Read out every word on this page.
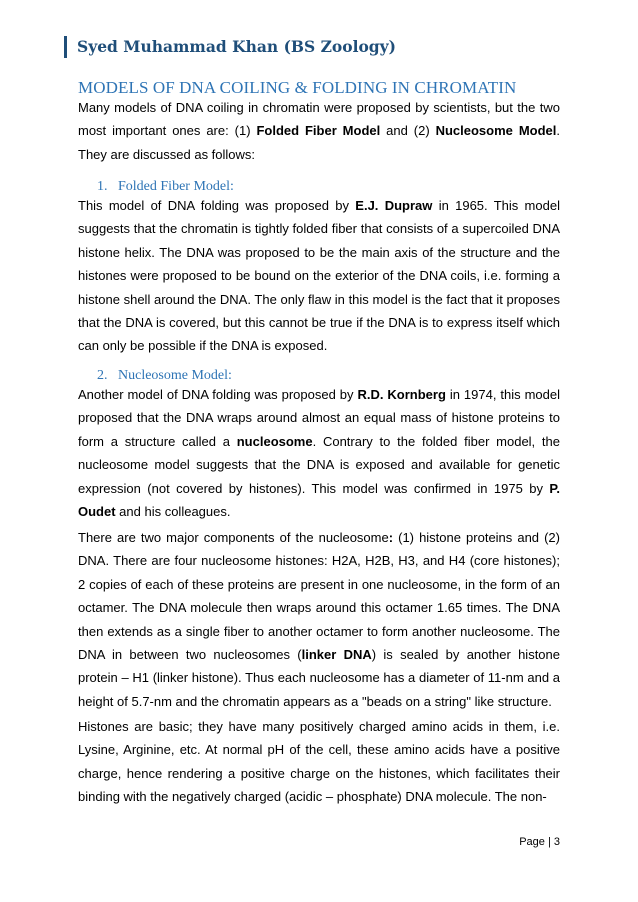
Syed Muhammad Khan (BS Zoology)
MODELS OF DNA COILING & FOLDING IN CHROMATIN

Many models of DNA coiling in chromatin were proposed by scientists, but the two most important ones are: (1) Folded Fiber Model and (2) Nucleosome Model. They are discussed as follows:

1.   Folded Fiber Model:

This model of DNA folding was proposed by E.J. Dupraw in 1965. This model suggests that the chromatin is tightly folded fiber that consists of a supercoiled DNA histone helix. The DNA was proposed to be the main axis of the structure and the histones were proposed to be bound on the exterior of the DNA coils, i.e. forming a histone shell around the DNA. The only flaw in this model is the fact that it proposes that the DNA is covered, but this cannot be true if the DNA is to express itself which can only be possible if the DNA is exposed.

2.   Nucleosome Model:

Another model of DNA folding was proposed by R.D. Kornberg in 1974, this model proposed that the DNA wraps around almost an equal mass of histone proteins to form a structure called a nucleosome. Contrary to the folded fiber model, the nucleosome model suggests that the DNA is exposed and available for genetic expression (not covered by histones). This model was confirmed in 1975 by P. Oudet and his colleagues.

There are two major components of the nucleosome: (1) histone proteins and (2) DNA. There are four nucleosome histones: H2A, H2B, H3, and H4 (core histones); 2 copies of each of these proteins are present in one nucleosome, in the form of an octamer. The DNA molecule then wraps around this octamer 1.65 times. The DNA then extends as a single fiber to another octamer to form another nucleosome. The DNA in between two nucleosomes (linker DNA) is sealed by another histone protein – H1 (linker histone). Thus each nucleosome has a diameter of 11-nm and a height of 5.7-nm and the chromatin appears as a "beads on a string" like structure.

Histones are basic; they have many positively charged amino acids in them, i.e. Lysine, Arginine, etc. At normal pH of the cell, these amino acids have a positive charge, hence rendering a positive charge on the histones, which facilitates their binding with the negatively charged (acidic – phosphate) DNA molecule. The non-

Page | 3
